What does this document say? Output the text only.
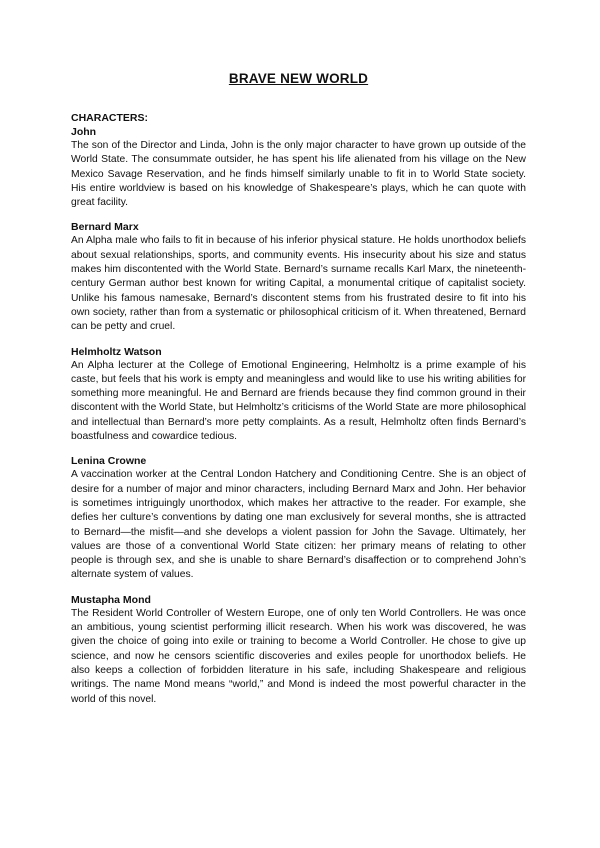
BRAVE NEW WORLD

CHARACTERS:

John

The son of the Director and Linda, John is the only major character to have grown up outside of the World State. The consummate outsider, he has spent his life alienated from his village on the New Mexico Savage Reservation, and he finds himself similarly unable to fit in to World State society. His entire worldview is based on his knowledge of Shakespeare’s plays, which he can quote with great facility.

Bernard Marx

An Alpha male who fails to fit in because of his inferior physical stature. He holds unorthodox beliefs about sexual relationships, sports, and community events. His insecurity about his size and status makes him discontented with the World State. Bernard’s surname recalls Karl Marx, the nineteenth-century German author best known for writing Capital, a monumental critique of capitalist society. Unlike his famous namesake, Bernard’s discontent stems from his frustrated desire to fit into his own society, rather than from a systematic or philosophical criticism of it. When threatened, Bernard can be petty and cruel.

Helmholtz Watson

An Alpha lecturer at the College of Emotional Engineering, Helmholtz is a prime example of his caste, but feels that his work is empty and meaningless and would like to use his writing abilities for something more meaningful. He and Bernard are friends because they find common ground in their discontent with the World State, but Helmholtz’s criticisms of the World State are more philosophical and intellectual than Bernard’s more petty complaints. As a result, Helmholtz often finds Bernard’s boastfulness and cowardice tedious.

Lenina Crowne

A vaccination worker at the Central London Hatchery and Conditioning Centre. She is an object of desire for a number of major and minor characters, including Bernard Marx and John. Her behavior is sometimes intriguingly unorthodox, which makes her attractive to the reader. For example, she defies her culture’s conventions by dating one man exclusively for several months, she is attracted to Bernard—the misfit—and she develops a violent passion for John the Savage. Ultimately, her values are those of a conventional World State citizen: her primary means of relating to other people is through sex, and she is unable to share Bernard’s disaffection or to comprehend John’s alternate system of values.

Mustapha Mond

The Resident World Controller of Western Europe, one of only ten World Controllers. He was once an ambitious, young scientist performing illicit research. When his work was discovered, he was given the choice of going into exile or training to become a World Controller. He chose to give up science, and now he censors scientific discoveries and exiles people for unorthodox beliefs. He also keeps a collection of forbidden literature in his safe, including Shakespeare and religious writings. The name Mond means “world,” and Mond is indeed the most powerful character in the world of this novel.
